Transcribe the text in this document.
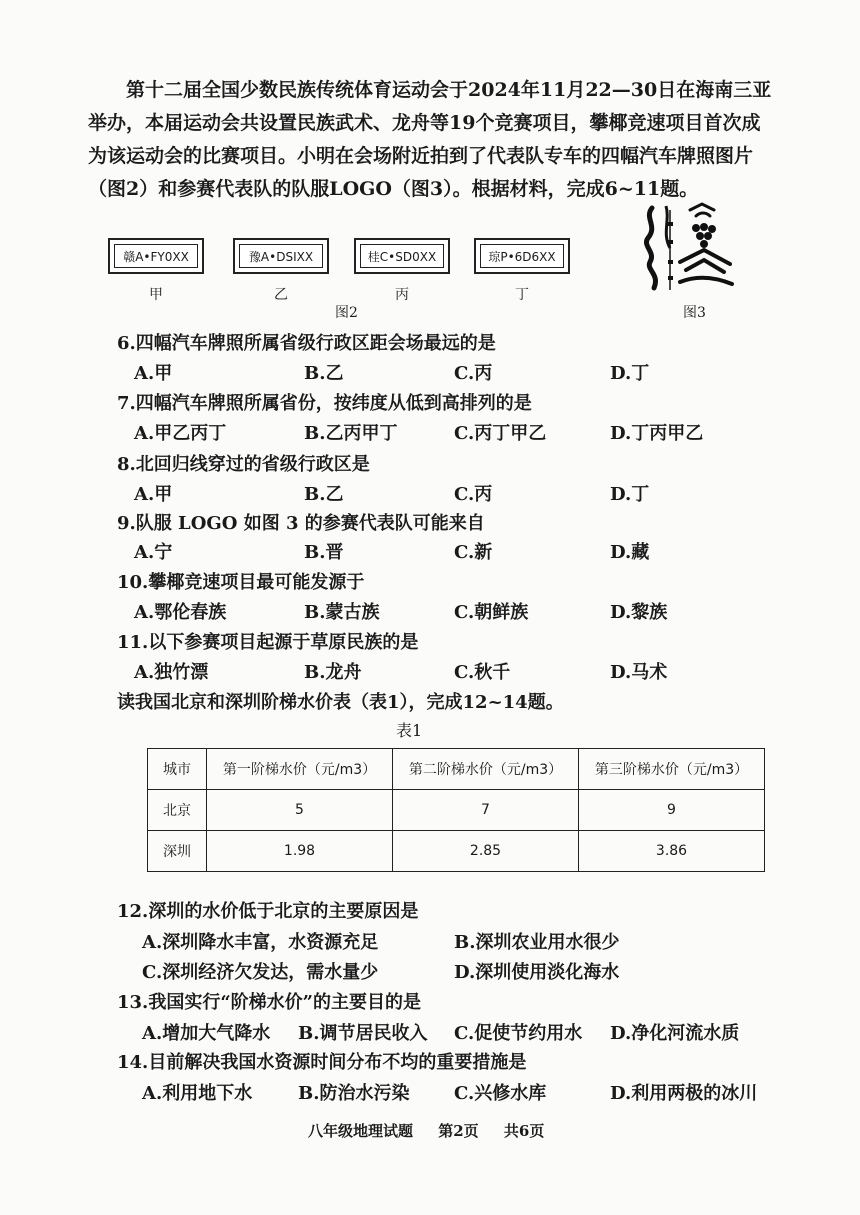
第十二届全国少数民族传统体育运动会于2024年11月22—30日在海南三亚举办，本届运动会共设置民族武术、龙舟等19个竞赛项目，攀椰竞速项目首次成为该运动会的比赛项目。小明在会场附近拍到了代表队专车的四幅汽车牌照图片（图2）和参赛代表队的队服LOGO（图3）。根据材料，完成6~11题。

赣A•FY0XX
甲
豫A•DSIXX
乙
桂C•SD0XX
丙
琼P•6D6XX
丁
图2	图3

6.四幅汽车牌照所属省级行政区距会场最远的是

A.甲	B.乙	C.丙	D.丁

7.四幅汽车牌照所属省份，按纬度从低到高排列的是

A.甲乙丙丁	B.乙丙甲丁	C.丙丁甲乙	D.丁丙甲乙

8.北回归线穿过的省级行政区是

A.甲	B.乙	C.丙	D.丁

9.队服 LOGO 如图 3 的参赛代表队可能来自

A.宁	B.晋	C.新	D.藏

10.攀椰竞速项目最可能发源于

A.鄂伦春族	B.蒙古族	C.朝鲜族	D.黎族

11.以下参赛项目起源于草原民族的是

A.独竹漂	B.龙舟	C.秋千	D.马术

读我国北京和深圳阶梯水价表（表1），完成12~14题。

表1
城市	第一阶梯水价（元/m3）	第二阶梯水价（元/m3）	第三阶梯水价（元/m3）
北京	5	7	9
深圳	1.98	2.85	3.86

12.深圳的水价低于北京的主要原因是

A.深圳降水丰富，水资源充足	B.深圳农业用水很少
C.深圳经济欠发达，需水量少	D.深圳使用淡化海水

13.我国实行“阶梯水价”的主要目的是

A.增加大气降水 B.调节居民收入 C.促使节约用水 D.净化河流水质

14.目前解决我国水资源时间分布不均的重要措施是

A.利用地下水	B.防治水污染 C.兴修水库	D.利用两极的冰川
八年级地理试题 第2页 共6页
